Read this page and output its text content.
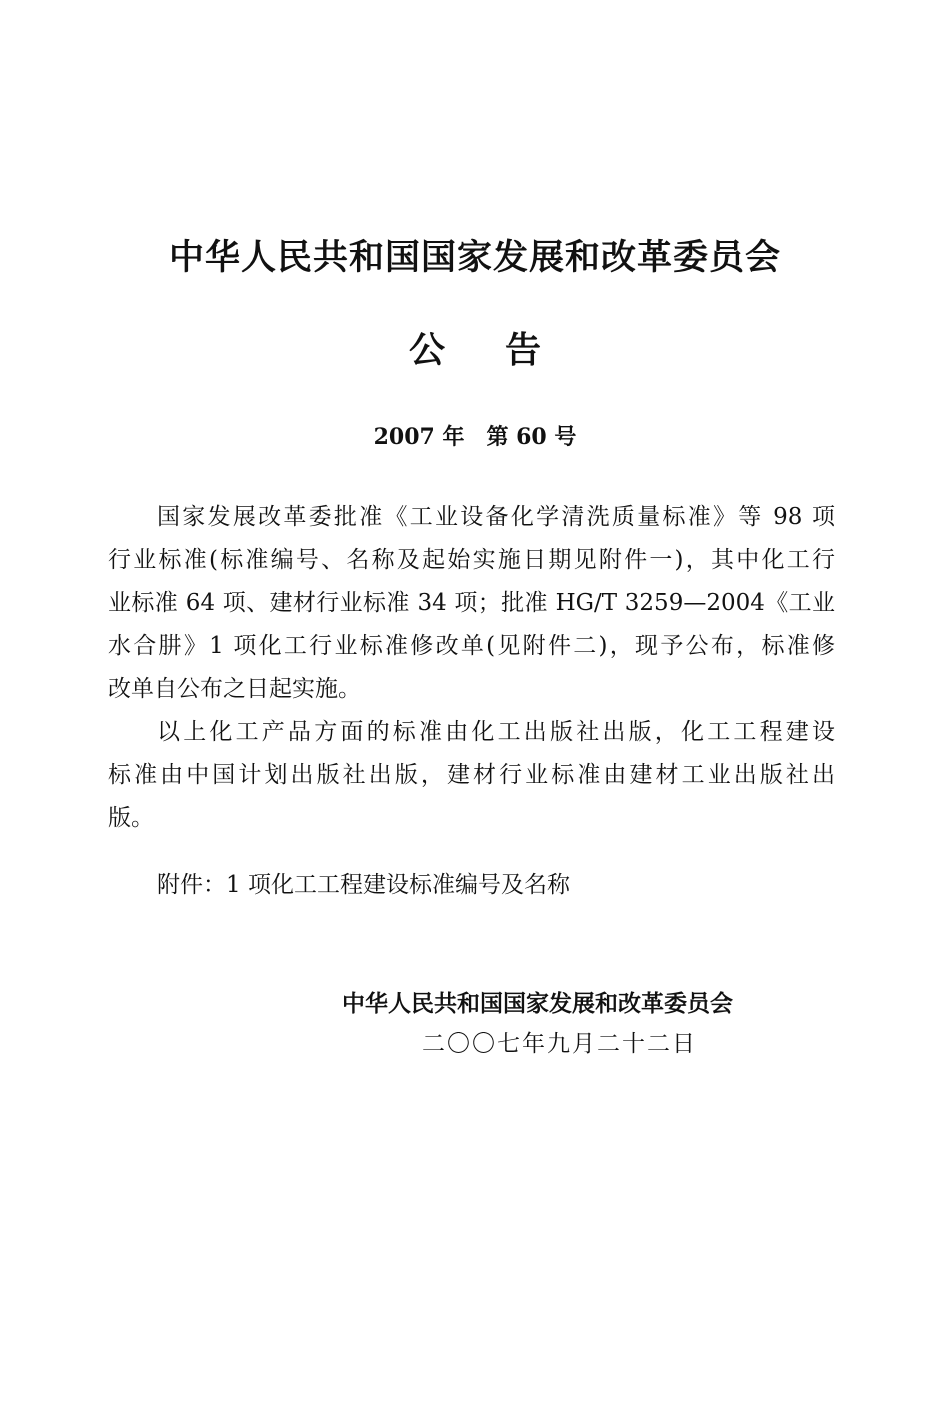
中华人民共和国国家发展和改革委员会
公告
2007 年　第 60 号
国家发展改革委批准《工业设备化学清洗质量标准》等 98 项
行业标准(标准编号、名称及起始实施日期见附件一)，其中化工行
业标准 64 项、建材行业标准 34 项；批准 HG/T 3259—2004《工业
水合肼》1 项化工行业标准修改单(见附件二)，现予公布，标准修
改单自公布之日起实施。
以上化工产品方面的标准由化工出版社出版，化工工程建设
标准由中国计划出版社出版，建材行业标准由建材工业出版社出
版。
附件：1 项化工工程建设标准编号及名称
中华人民共和国国家发展和改革委员会
二〇〇七年九月二十二日
